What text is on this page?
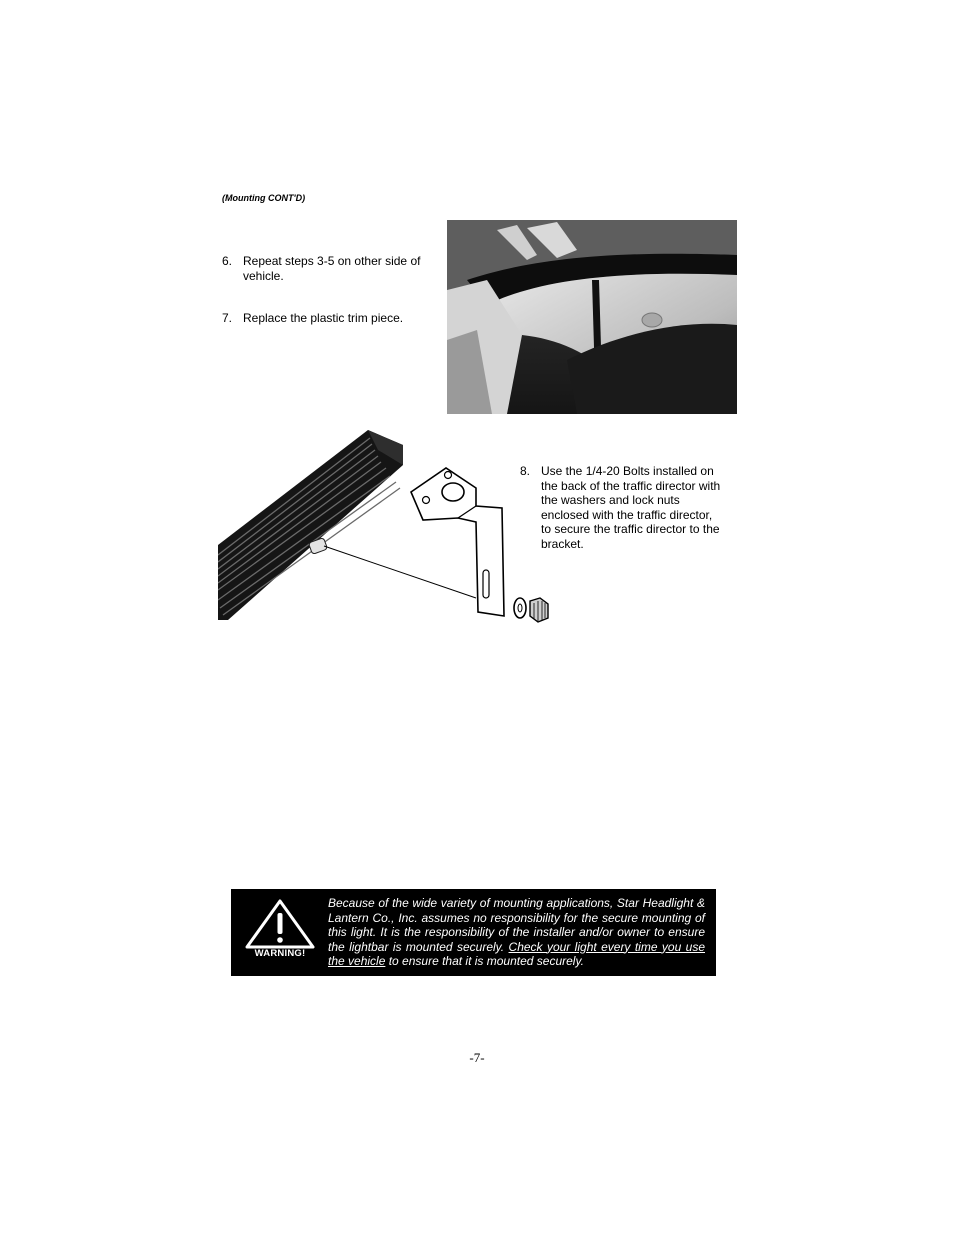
(Mounting CONT'D)
6. Repeat steps 3-5 on other side of
vehicle.
7. Replace the plastic trim piece.
8. Use the 1/4-20 Bolts installed on
the back of the traffic director with
the washers and lock nuts
enclosed with the traffic director,
to secure the traffic director to the
bracket.
WARNING!
Because of the wide variety of mounting applications, Star Headlight & Lantern Co., Inc. assumes no responsibility for the secure mounting of this light. It is the responsibility of the installer and/or owner to ensure the lightbar is mounted securely. Check your light every time you use the vehicle to ensure that it is mounted securely.
-7-
